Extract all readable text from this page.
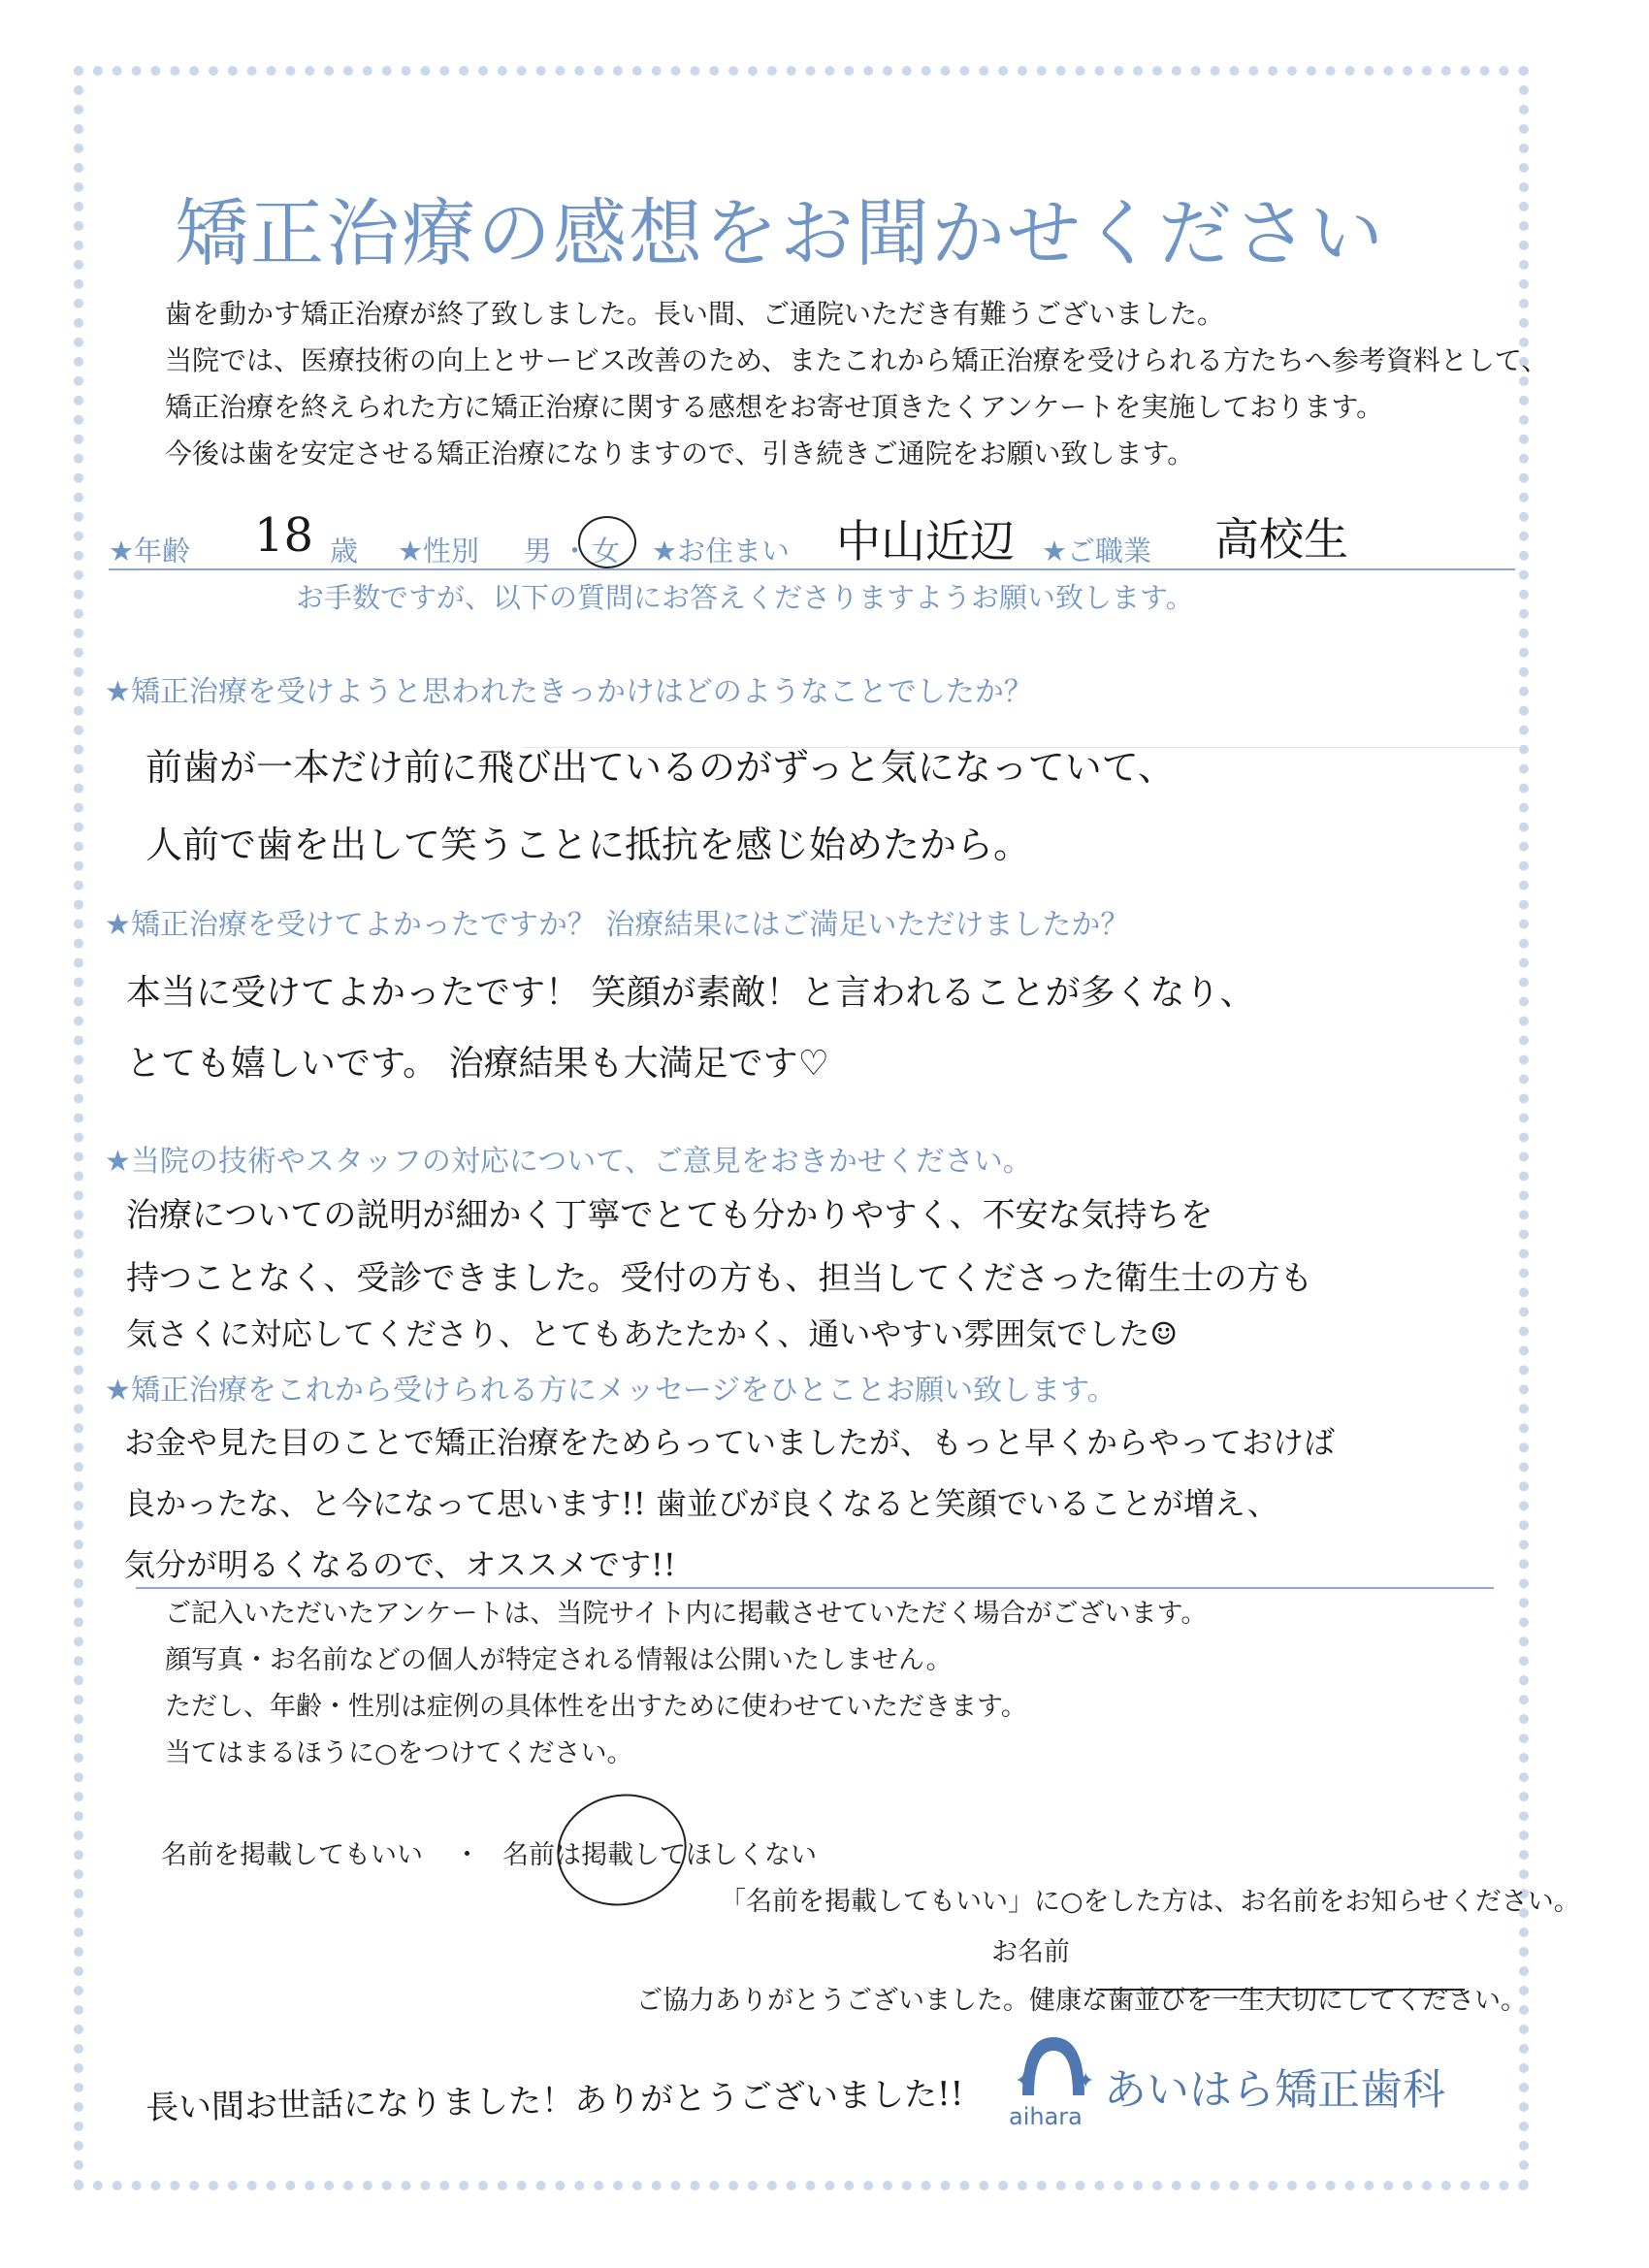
矯正治療の感想をお聞かせください
歯を動かす矯正治療が終了致しました。長い間、ご通院いただき有難うございました。
当院では、医療技術の向上とサービス改善のため、またこれから矯正治療を受けられる方たちへ参考資料として、
矯正治療を終えられた方に矯正治療に関する感想をお寄せ頂きたくアンケートを実施しております。
今後は歯を安定させる矯正治療になりますので、引き続きご通院をお願い致します。
★年齢 18 歳 ★性別 男 ・ 女 ★お住まい 中山近辺 ★ご職業 高校生
お手数ですが、以下の質問にお答えくださりますようお願い致します。
★矯正治療を受けようと思われたきっかけはどのようなことでしたか？
前歯が一本だけ前に飛び出ているのがずっと気になっていて、
人前で歯を出して笑うことに抵抗を感じ始めたから。
★矯正治療を受けてよかったですか？ 治療結果にはご満足いただけましたか？
本当に受けてよかったです！ 笑顔が素敵！と言われることが多くなり、
とても嬉しいです。 治療結果も大満足です♡
★当院の技術やスタッフの対応について、ご意見をおきかせください。
治療についての説明が細かく丁寧でとても分かりやすく、不安な気持ちを
持つことなく、受診できました。受付の方も、担当してくださった衛生士の方も
気さくに対応してくださり、とてもあたたかく、通いやすい雰囲気でした☺
★矯正治療をこれから受けられる方にメッセージをひとことお願い致します。
お金や見た目のことで矯正治療をためらっていましたが、もっと早くからやっておけば
良かったな、と今になって思います!! 歯並びが良くなると笑顔でいることが増え、
気分が明るくなるので、オススメです!!
ご記入いただいたアンケートは、当院サイト内に掲載させていただく場合がございます。
顔写真・お名前などの個人が特定される情報は公開いたしません。
ただし、年齢・性別は症例の具体性を出すために使わせていただきます。
当てはまるほうに○をつけてください。
名前を掲載してもいい ・ 名前は掲載してほしくない
「名前を掲載してもいい」に○をした方は、お名前をお知らせください。
お名前
ご協力ありがとうございました。健康な歯並びを一生大切にしてください。
長い間お世話になりました！ありがとうございました!! ✦ ✦
aihara
あいはら矯正歯科
